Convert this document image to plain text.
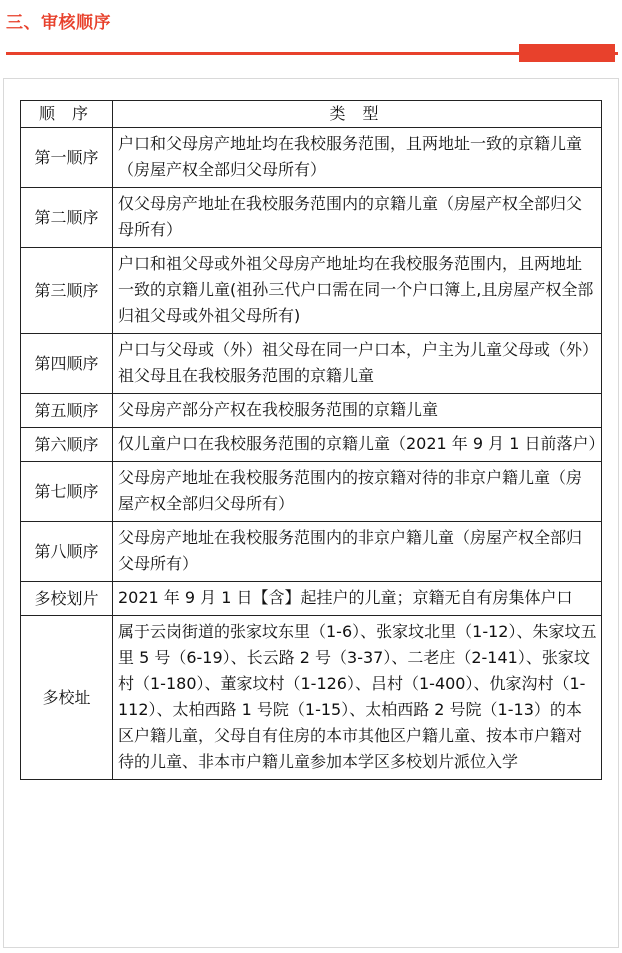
三、审核顺序
顺 序	类 型
第一顺序	户口和父母房产地址均在我校服务范围，且两地址一致的京籍儿童（房屋产权全部归父母所有）
第二顺序	仅父母房产地址在我校服务范围内的京籍儿童（房屋产权全部归父母所有）
第三顺序	户口和祖父母或外祖父母房产地址均在我校服务范围内，且两地址一致的京籍儿童(祖孙三代户口需在同一个户口簿上,且房屋产权全部归祖父母或外祖父母所有)
第四顺序	户口与父母或（外）祖父母在同一户口本，户主为儿童父母或（外）祖父母且在我校服务范围的京籍儿童
第五顺序	父母房产部分产权在我校服务范围的京籍儿童
第六顺序	仅儿童户口在我校服务范围的京籍儿童（2021 年 9 月 1 日前落户）
第七顺序	父母房产地址在我校服务范围内的按京籍对待的非京户籍儿童（房屋产权全部归父母所有）
第八顺序	父母房产地址在我校服务范围内的非京户籍儿童（房屋产权全部归父母所有）
多校划片	2021 年 9 月 1 日【含】起挂户的儿童；京籍无自有房集体户口
多校址	属于云岗街道的张家坟东里（1-6）、张家坟北里（1-12）、朱家坟五里 5 号（6-19）、长云路 2 号（3-37）、二老庄（2-141）、张家坟村（1-180）、董家坟村（1-126）、吕村（1-400）、仇家沟村（1-112）、太柏西路 1 号院（1-15）、太柏西路 2 号院（1-13）的本区户籍儿童，父母自有住房的本市其他区户籍儿童、按本市户籍对待的儿童、非本市户籍儿童参加本学区多校划片派位入学
